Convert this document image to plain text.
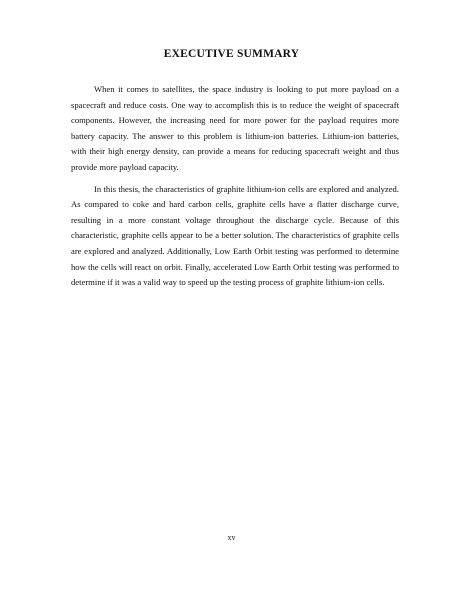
EXECUTIVE SUMMARY

When it comes to satellites, the space industry is looking to put more payload on a spacecraft and reduce costs. One way to accomplish this is to reduce the weight of spacecraft components. However, the increasing need for more power for the payload requires more battery capacity. The answer to this problem is lithium-ion batteries. Lithium-ion batteries, with their high energy density, can provide a means for reducing spacecraft weight and thus provide more payload capacity.

In this thesis, the characteristics of graphite lithium-ion cells are explored and analyzed. As compared to coke and hard carbon cells, graphite cells have a flatter discharge curve, resulting in a more constant voltage throughout the discharge cycle. Because of this characteristic, graphite cells appear to be a better solution. The characteristics of graphite cells are explored and analyzed. Additionally, Low Earth Orbit testing was performed to determine how the cells will react on orbit. Finally, accelerated Low Earth Orbit testing was performed to determine if it was a valid way to speed up the testing process of graphite lithium-ion cells.

xv
